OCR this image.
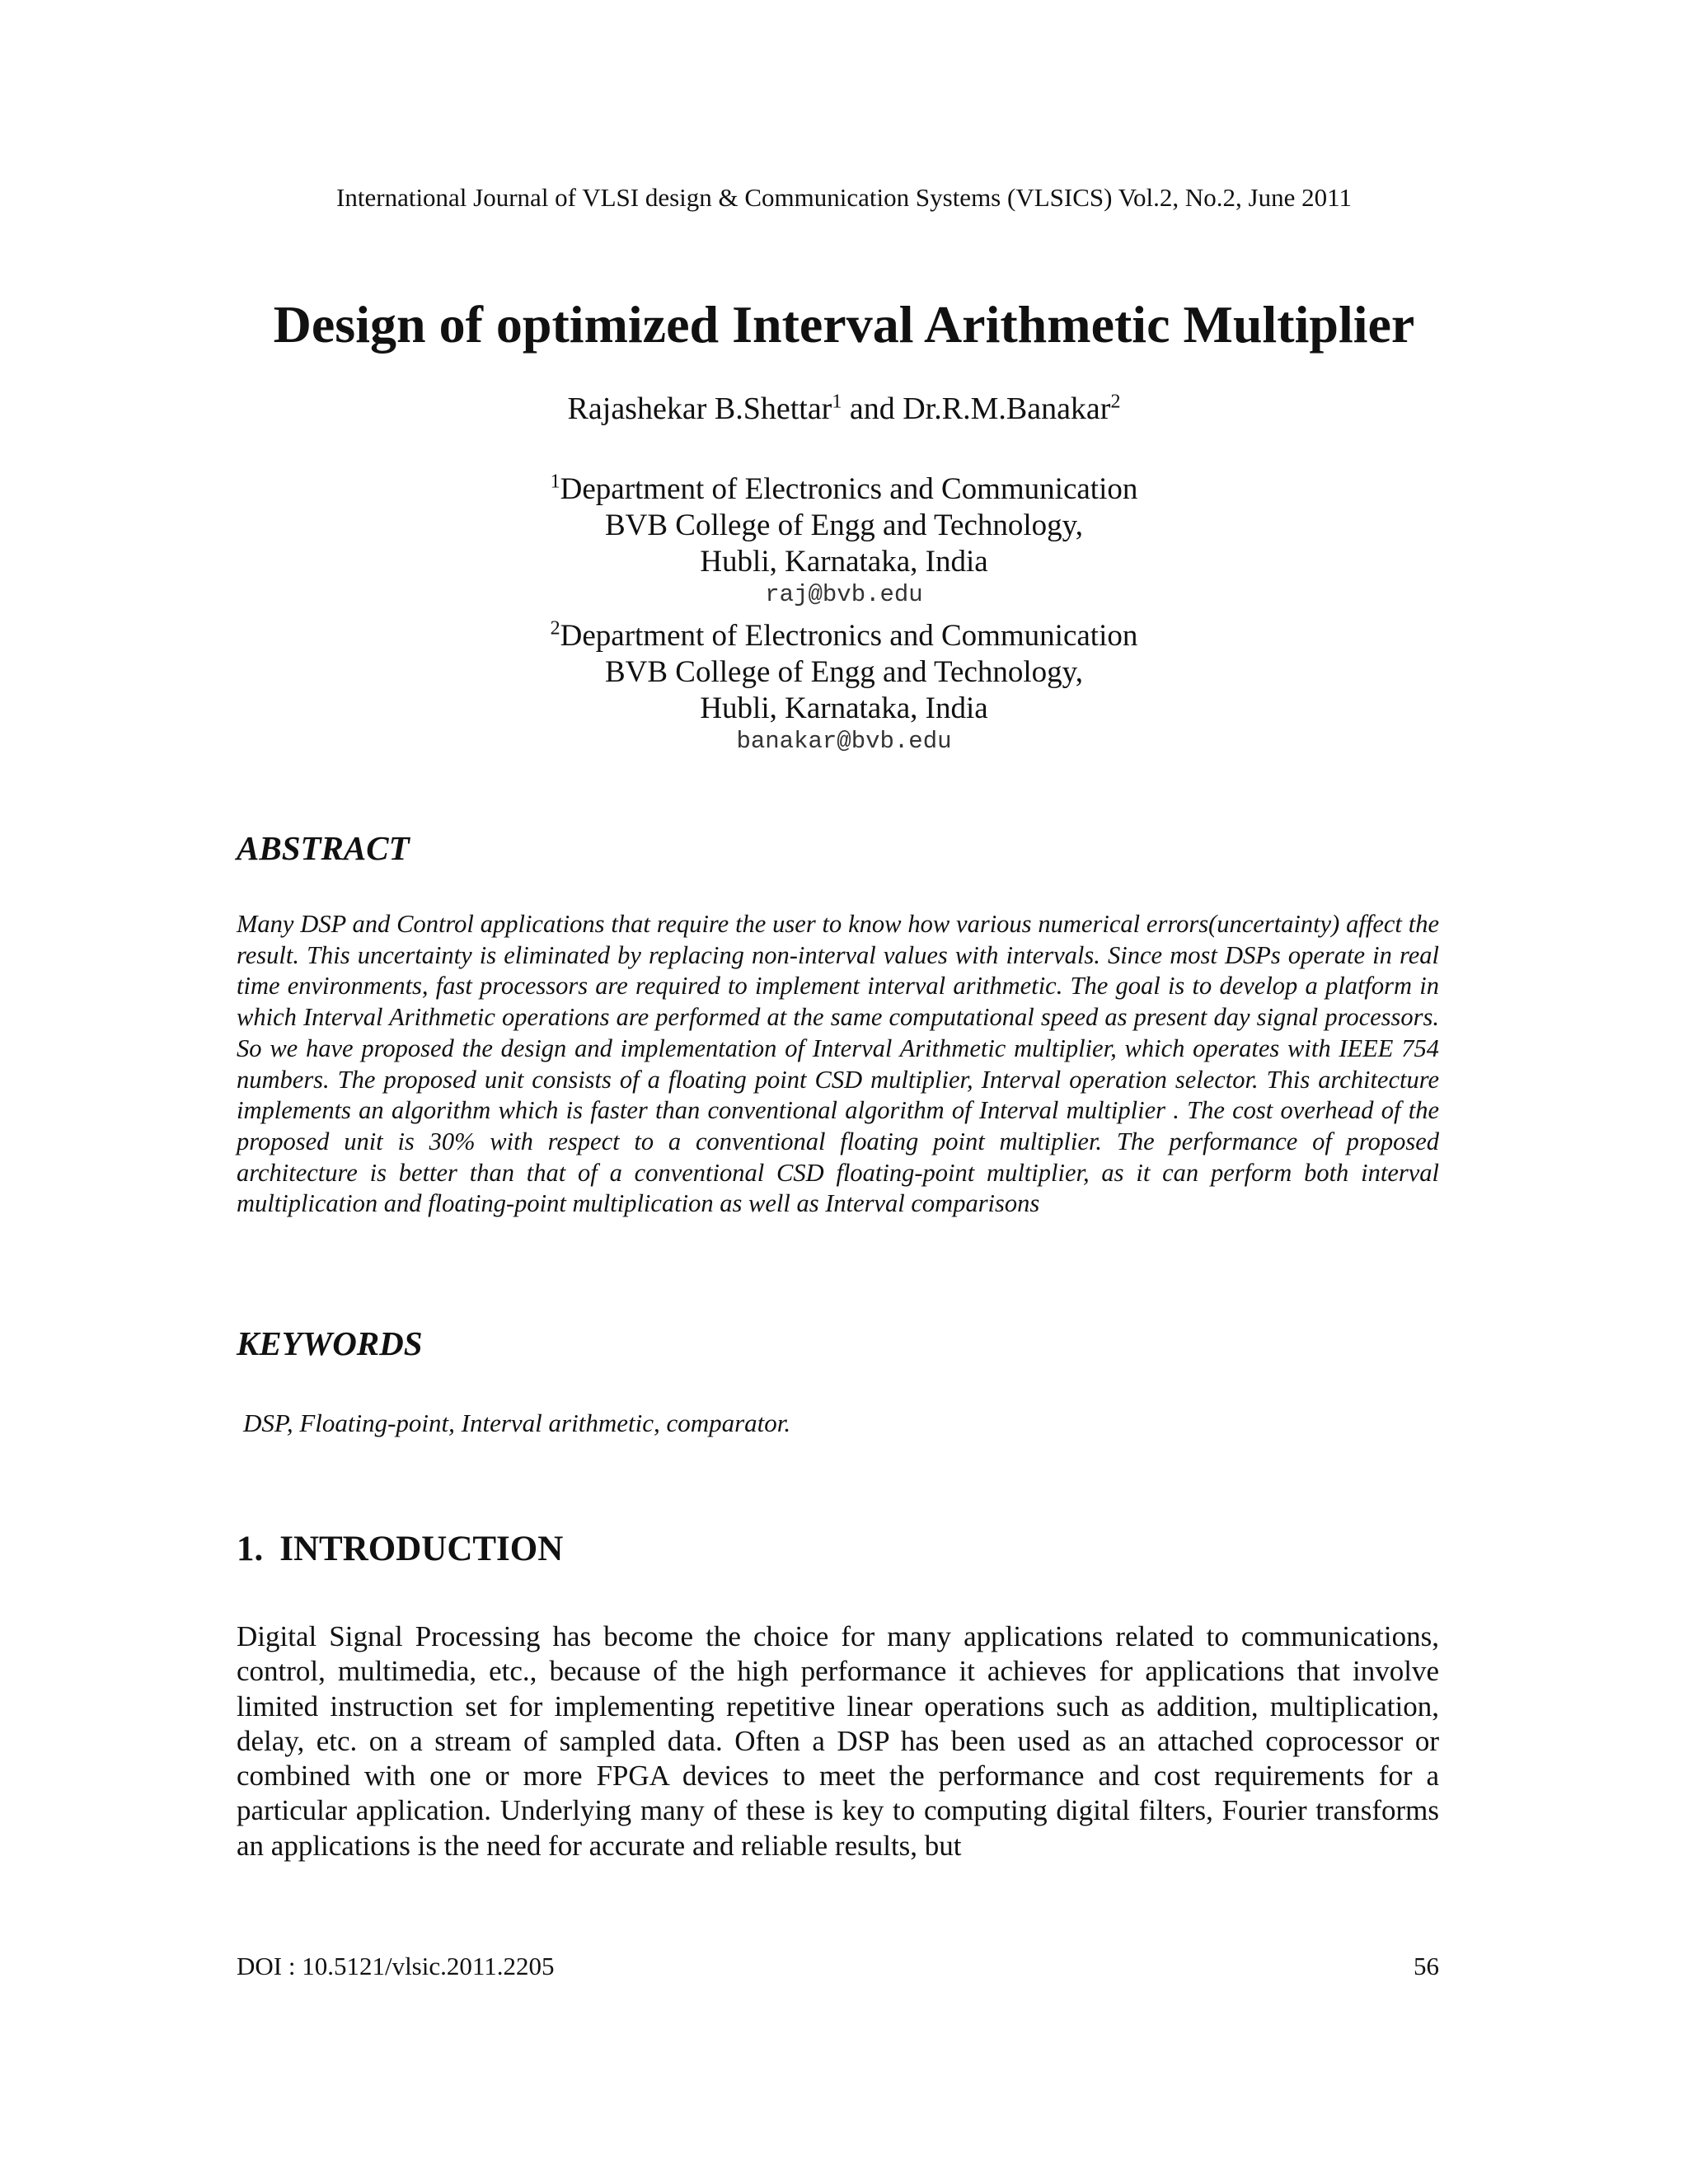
International Journal of VLSI design & Communication Systems (VLSICS) Vol.2, No.2, June 2011
Design of optimized Interval Arithmetic Multiplier
Rajashekar B.Shettar$^1$ and Dr.R.M.Banakar$^2$
$^1$Department of Electronics and Communication
BVB College of Engg and Technology,
Hubli, Karnataka, India
raj@bvb.edu
$^2$Department of Electronics and Communication
BVB College of Engg and Technology,
Hubli, Karnataka, India
banakar@bvb.edu
ABSTRACT
Many DSP and Control applications that require the user to know how various numerical errors(uncertainty) affect the result. This uncertainty is eliminated by replacing non-interval values with intervals. Since most DSPs operate in real time environments, fast processors are required to implement interval arithmetic. The goal is to develop a platform in which Interval Arithmetic operations are performed at the same computational speed as present day signal processors. So we have proposed the design and implementation of Interval Arithmetic multiplier, which operates with IEEE 754 numbers. The proposed unit consists of a floating point CSD multiplier, Interval operation selector. This architecture implements an algorithm which is faster than conventional algorithm of Interval multiplier . The cost overhead of the proposed unit is 30% with respect to a conventional floating point multiplier. The performance of proposed architecture is better than that of a conventional CSD floating-point multiplier, as it can perform both interval multiplication and floating-point multiplication as well as Interval comparisons
KEYWORDS
DSP, Floating-point, Interval arithmetic, comparator.
1. INTRODUCTION
Digital Signal Processing has become the choice for many applications related to communications, control, multimedia, etc., because of the high performance it achieves for applications that involve limited instruction set for implementing repetitive linear operations such as addition, multiplication, delay, etc. on a stream of sampled data. Often a DSP has been used as an attached coprocessor or combined with one or more FPGA devices to meet the performance and cost requirements for a particular application. Underlying many of these is key to computing digital filters, Fourier transforms an applications is the need for accurate and reliable results, but
DOI : 10.5121/vlsic.2011.2205	56
